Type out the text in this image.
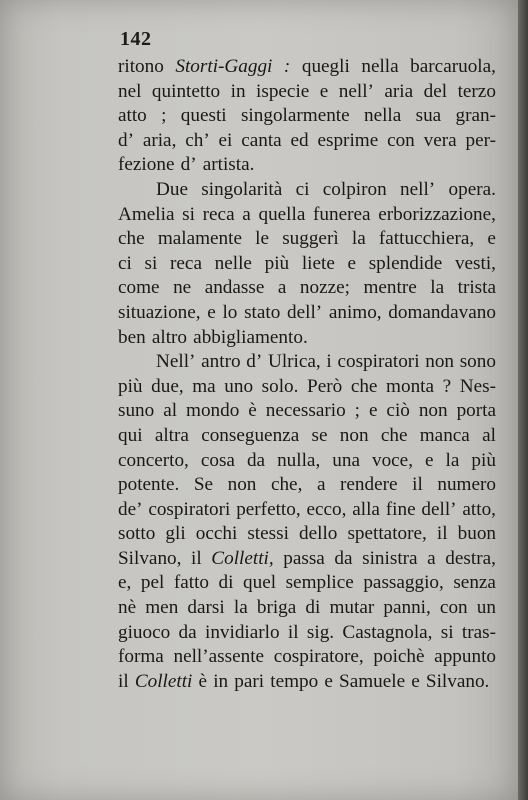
142
ritono Storti-Gaggi : quegli nella barcaruola,
nel quintetto in ispecie e nell’ aria del terzo
atto ; questi singolarmente nella sua gran-
d’ aria, ch’ ei canta ed esprime con vera per-
fezione d’ artista.
Due singolarità ci colpiron nell’ opera.
Amelia si reca a quella funerea erborizzazione,
che malamente le suggerì la fattucchiera, e
ci si reca nelle più liete e splendide vesti,
come ne andasse a nozze; mentre la trista
situazione, e lo stato dell’ animo, domandavano
ben altro abbigliamento.
Nell’ antro d’ Ulrica, i cospiratori non sono
più due, ma uno solo. Però che monta ? Nes-
suno al mondo è necessario ; e ciò non porta
qui altra conseguenza se non che manca al
concerto, cosa da nulla, una voce, e la più
potente. Se non che, a rendere il numero
de’ cospiratori perfetto, ecco, alla fine dell’ atto,
sotto gli occhi stessi dello spettatore, il buon
Silvano, il Colletti, passa da sinistra a destra,
e, pel fatto di quel semplice passaggio, senza
nè men darsi la briga di mutar panni, con un
giuoco da invidiarlo il sig. Castagnola, si tras-
forma nell’assente cospiratore, poichè appunto
il Colletti è in pari tempo e Samuele e Silvano.
